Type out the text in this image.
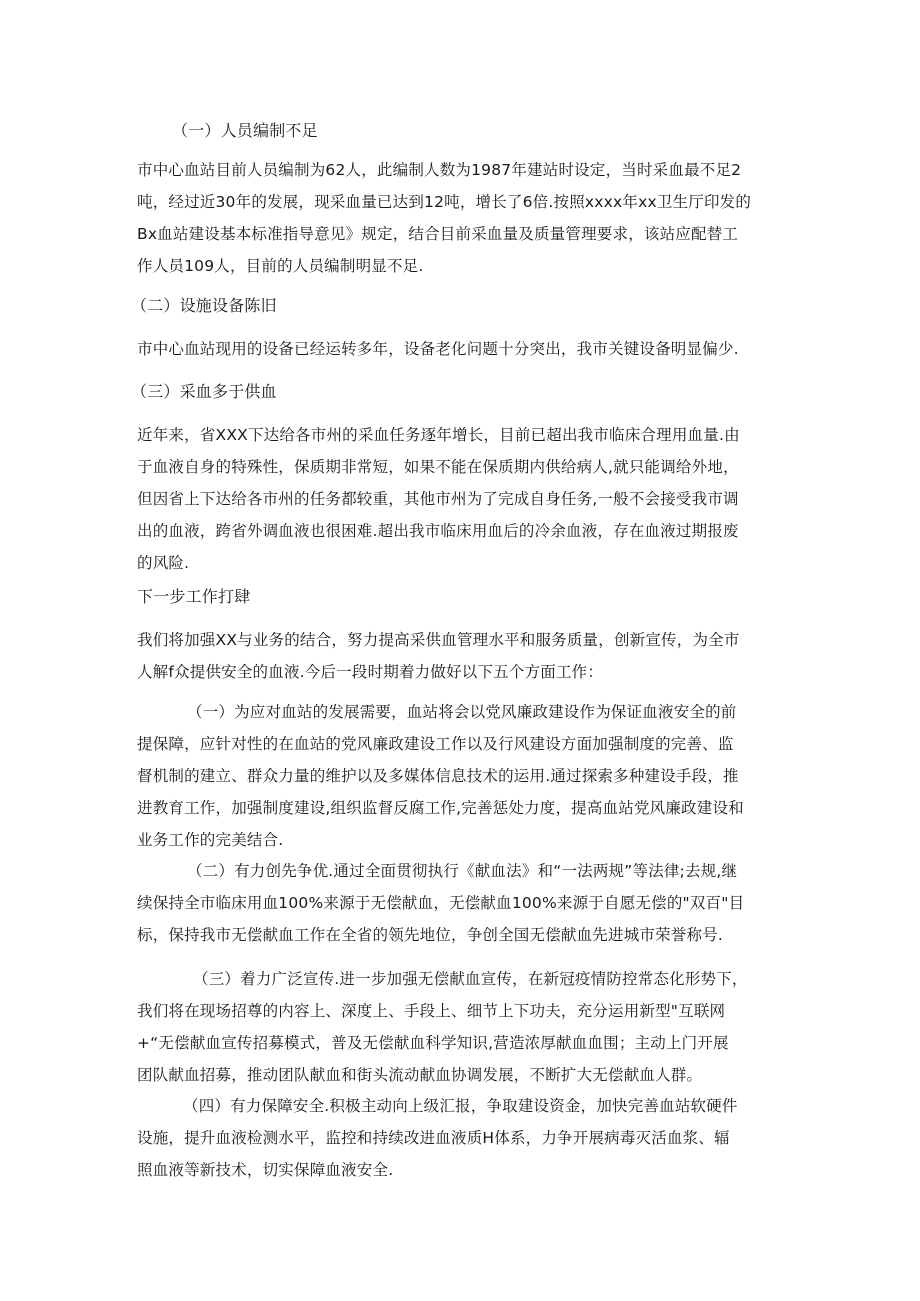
（一）人员编制不足

市中心血站目前人员编制为62人，此编制人数为1987年建站时设定，当时采血最不足2
吨，经过近30年的发展，现采血量已达到12吨，增长了6倍.按照xxxx年xx卫生厅印发的
Bx血站建设基本标准指导意见》规定，结合目前采血量及质量管理要求，该站应配替工
作人员109人，目前的人员编制明显不足.

（二）设施设备陈旧

市中心血站现用的设备已经运转多年，设备老化问题十分突出，我市关键设备明显偏少.

（三）采血多于供血

近年来，省XXX下达给各市州的采血任务逐年增长，目前已超出我市临床合理用血量.由
于血液自身的特殊性，保质期非常短，如果不能在保质期内供给病人,就只能调给外地，
但因省上下达给各市州的任务都较重，其他市州为了完成自身任务,一般不会接受我市调
出的血液，跨省外调血液也很困难.超出我市临床用血后的冷余血液，存在血液过期报废
的风险.

下一步工作打肆

我们将加强XX与业务的结合，努力提高采供血管理水平和服务质量，创新宣传，为全市
人解f众提供安全的血液.今后一段时期着力做好以下五个方面工作：

（一）为应对血站的发展需要，血站将会以党风廉政建设作为保证血液安全的前
提保障，应针对性的在血站的党风廉政建设工作以及行风建设方面加强制度的完善、监
督机制的建立、群众力量的维护以及多媒体信息技术的运用.通过探索多种建设手段，推
进教育工作，加强制度建设,组织监督反腐工作,完善惩处力度，提高血站党风廉政建设和
业务工作的完美结合.

（二）有力创先争优.通过全面贯彻执行《献血法》和“一法两规”等法律;去规,继
续保持全市临床用血100%来源于无偿献血，无偿献血100%来源于自愿无偿的"双百"目
标，保持我市无偿献血工作在全省的领先地位，争创全国无偿献血先进城市荣誉称号.

（三）着力广泛宣传.进一步加强无偿献血宣传，在新冠疫情防控常态化形势下，
我们将在现场招尊的内容上、深度上、手段上、细节上下功夫，充分运用新型"互联网
+“无偿献血宣传招募模式，普及无偿献血科学知识,营造浓厚献血血围；主动上门开展
团队献血招募，推动团队献血和街头流动献血协调发展，不断扩大无偿献血人群。

（四）有力保障安全.积极主动向上级汇报，争取建设资金，加快完善血站软硬件
设施，提升血液检测水平，监控和持续改进血液质H体系，力争开展病毒灭活血浆、辐
照血液等新技术，切实保障血液安全.
